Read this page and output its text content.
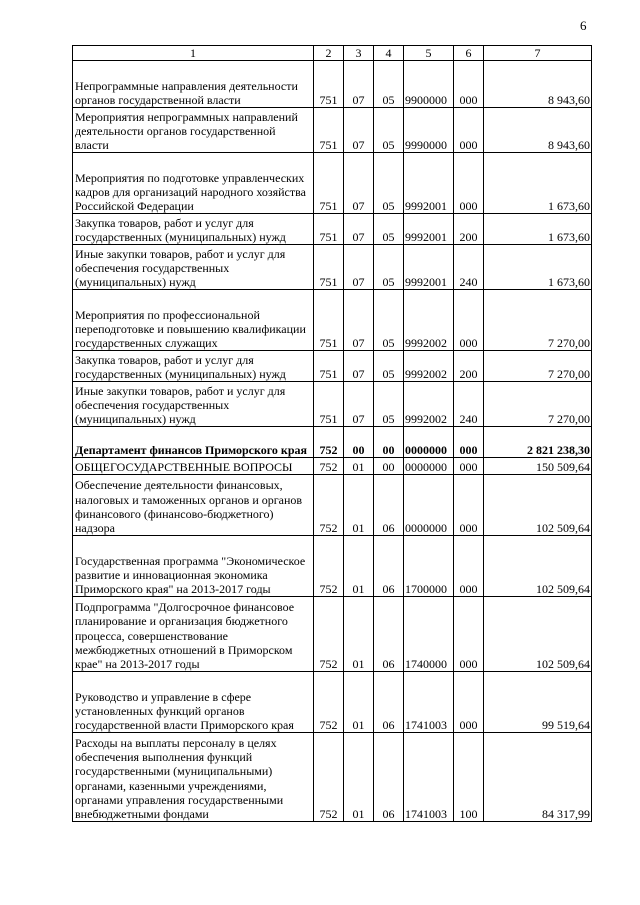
6
1	2	3	4	5	6	7
Непрограммные направления деятельности органов государственной власти	751	07	05	9900000	000	8 943,60
Мероприятия непрограммных направлений деятельности органов государственной власти	751	07	05	9990000	000	8 943,60
Мероприятия по подготовке управленческих кадров для организаций народного хозяйства Российской Федерации	751	07	05	9992001	000	1 673,60
Закупка товаров, работ и услуг для государственных (муниципальных) нужд	751	07	05	9992001	200	1 673,60
Иные закупки товаров, работ и услуг для обеспечения государственных (муниципальных) нужд	751	07	05	9992001	240	1 673,60
Мероприятия по профессиональной переподготовке и повышению квалификации государственных служащих	751	07	05	9992002	000	7 270,00
Закупка товаров, работ и услуг для государственных (муниципальных) нужд	751	07	05	9992002	200	7 270,00
Иные закупки товаров, работ и услуг для обеспечения государственных (муниципальных) нужд	751	07	05	9992002	240	7 270,00
Департамент финансов Приморского края	752	00	00	0000000	000	2 821 238,30
ОБЩЕГОСУДАРСТВЕННЫЕ ВОПРОСЫ	752	01	00	0000000	000	150 509,64
Обеспечение деятельности финансовых, налоговых и таможенных органов и органов финансового (финансово-бюджетного) надзора	752	01	06	0000000	000	102 509,64
Государственная программа "Экономическое развитие и инновационная экономика Приморского края" на 2013-2017 годы	752	01	06	1700000	000	102 509,64
Подпрограмма "Долгосрочное финансовое планирование и организация бюджетного процесса, совершенствование межбюджетных отношений в Приморском крае" на 2013-2017 годы	752	01	06	1740000	000	102 509,64
Руководство и управление в сфере установленных функций органов государственной власти Приморского края	752	01	06	1741003	000	99 519,64
Расходы на выплаты персоналу в целях обеспечения выполнения функций государственными (муниципальными) органами, казенными учреждениями, органами управления государственными внебюджетными фондами	752	01	06	1741003	100	84 317,99
